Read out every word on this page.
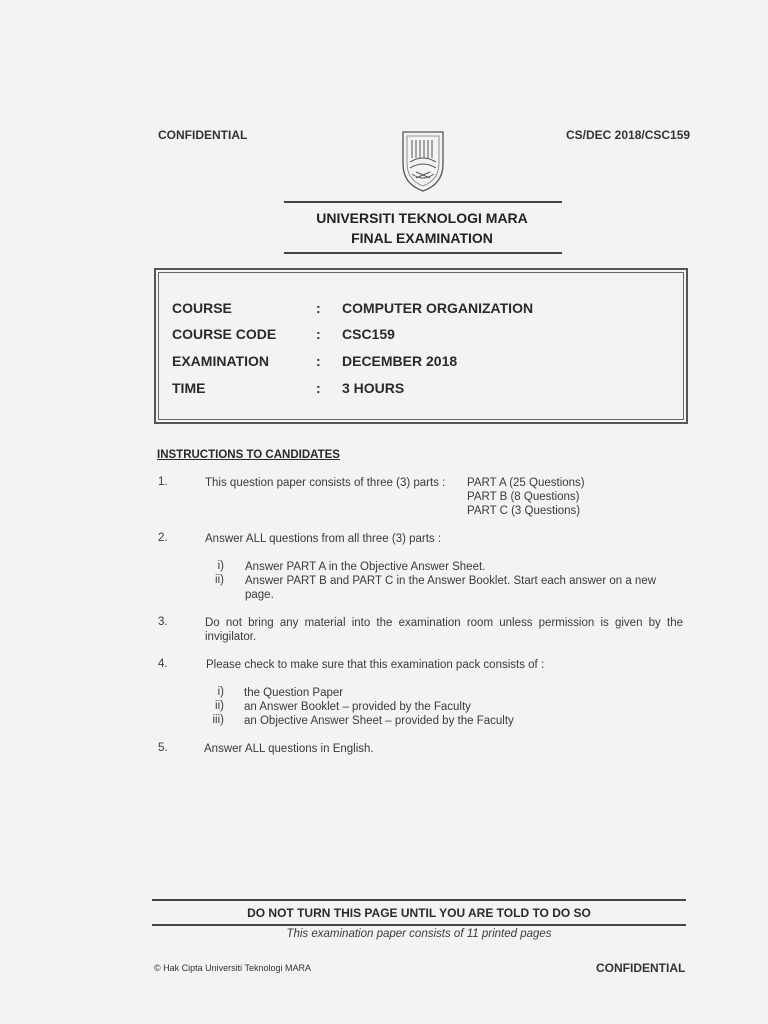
CONFIDENTIAL	CS/DEC 2018/CSC159
UNIVERSITI TEKNOLOGI MARA
FINAL EXAMINATION
COURSE	: COMPUTER ORGANIZATION
COURSE CODE	: CSC159
EXAMINATION	: DECEMBER 2018
TIME	: 3 HOURS
INSTRUCTIONS TO CANDIDATES
1.	This question paper consists of three (3) parts : PART A (25 Questions)
PART B (8 Questions)
PART C (3 Questions)
2.	Answer ALL questions from all three (3) parts :
i) Answer PART A in the Objective Answer Sheet.
ii) Answer PART B and PART C in the Answer Booklet. Start each answer on a new
page.
3.	Do not bring any material into the examination room unless permission is given by the
invigilator.
4.	Please check to make sure that this examination pack consists of :
i) the Question Paper
ii) an Answer Booklet – provided by the Faculty
iii) an Objective Answer Sheet – provided by the Faculty
5.	Answer ALL questions in English.
DO NOT TURN THIS PAGE UNTIL YOU ARE TOLD TO DO SO
This examination paper consists of 11 printed pages
© Hak Cipta Universiti Teknologi MARA	CONFIDENTIAL
